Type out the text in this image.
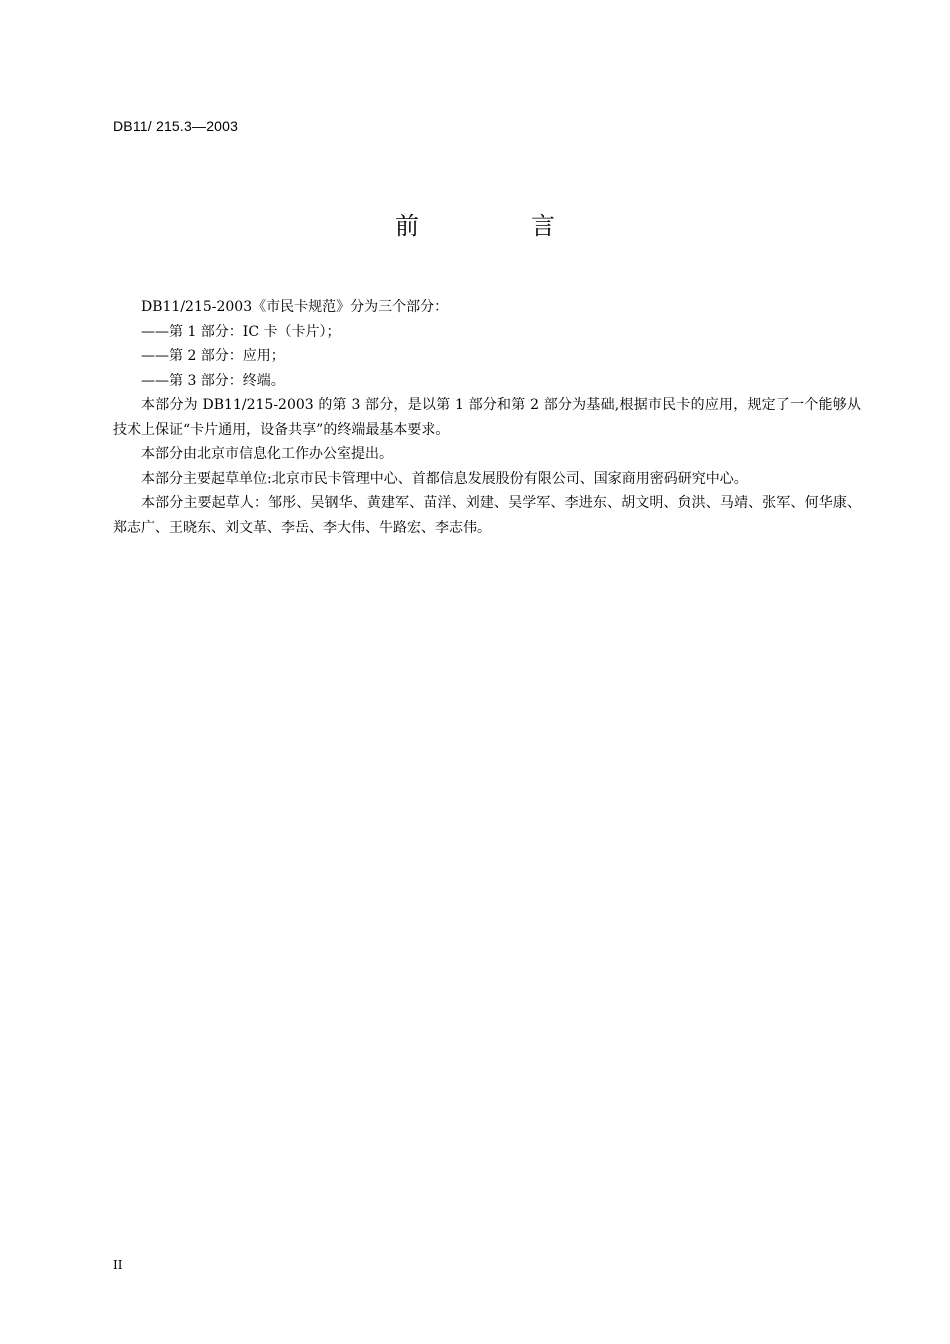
DB11/ 215.3—2003
前　言

DB11/215-2003《市民卡规范》分为三个部分：

——第 1 部分：IC 卡（卡片）；

——第 2 部分：应用；

——第 3 部分：终端。

本部分为 DB11/215-2003 的第 3 部分，是以第 1 部分和第 2 部分为基础,根据市民卡的应用，规定了一个能够从技术上保证“卡片通用，设备共享”的终端最基本要求。

本部分由北京市信息化工作办公室提出。

本部分主要起草单位:北京市民卡管理中心、首都信息发展股份有限公司、国家商用密码研究中心。

本部分主要起草人：邹彤、吴钢华、黄建军、苗洋、刘建、吴学军、李进东、胡文明、贠洪、马靖、张军、何华康、郑志广、王晓东、刘文革、李岳、李大伟、牛路宏、李志伟。

II
